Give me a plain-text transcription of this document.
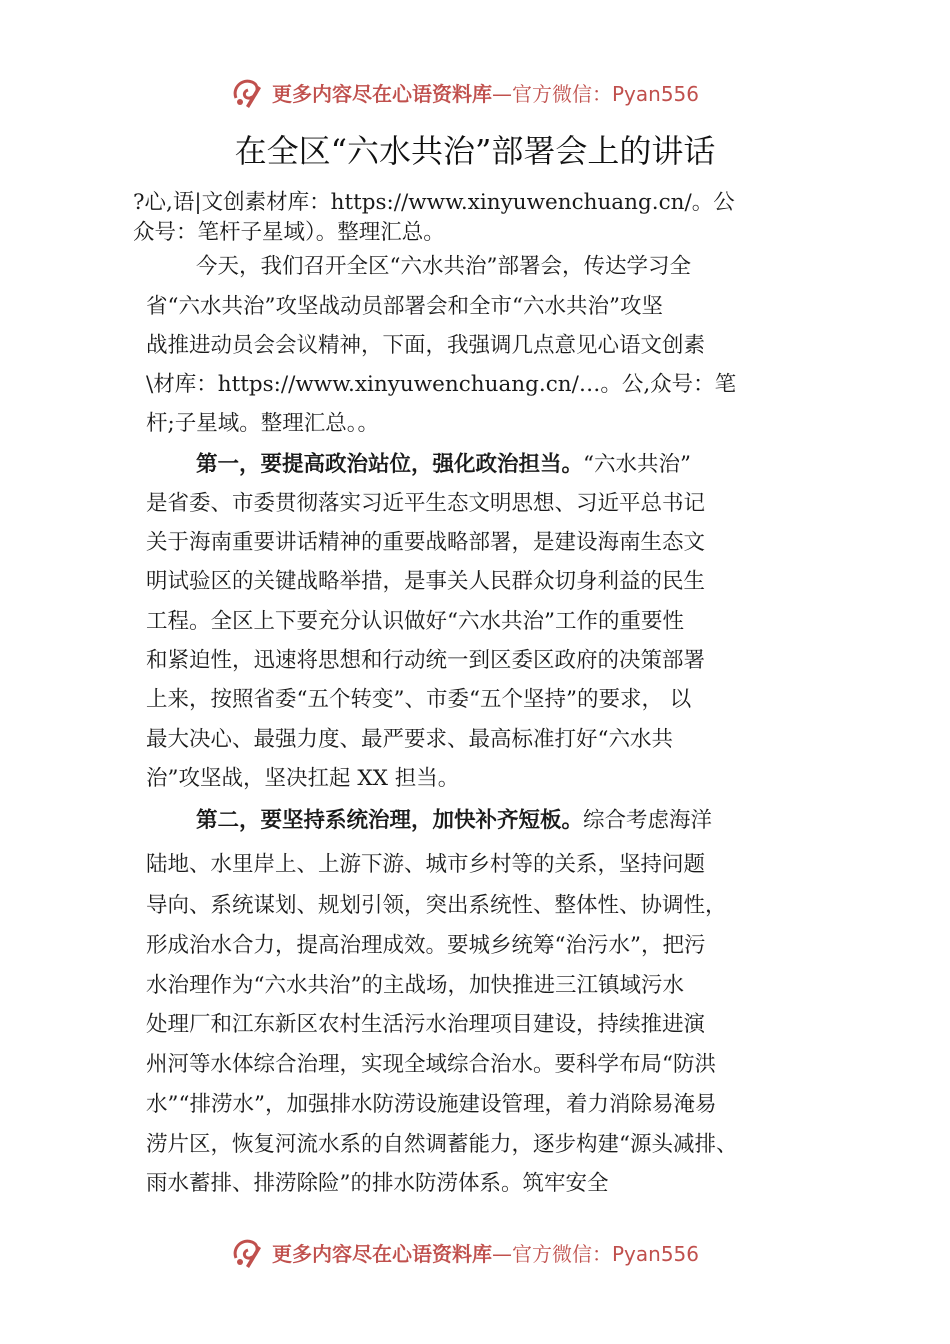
更多内容尽在心语资料库—官方微信：Pyan556
在全区“六水共治”部署会上的讲话
?心,语|文创素材库：https://www.xinyuwenchuang.cn/。公
众号：笔杆子星域）。整理汇总。
今天，我们召开全区“六水共治”部署会，传达学习全
省“六水共治”攻坚战动员部署会和全市“六水共治”攻坚
战推进动员会会议精神，下面，我强调几点意见心语文创素
\材库：https://www.xinyuwenchuang.cn/…。公,众号：笔
杆;子星域。整理汇总。。
第一，要提高政治站位，强化政治担当。“六水共治”
是省委、市委贯彻落实习近平生态文明思想、习近平总书记
关于海南重要讲话精神的重要战略部署，是建设海南生态文
明试验区的关键战略举措，是事关人民群众切身利益的民生
工程。全区上下要充分认识做好“六水共治”工作的重要性
和紧迫性，迅速将思想和行动统一到区委区政府的决策部署
上来，按照省委“五个转变”、市委“五个坚持”的要求， 以
最大决心、最强力度、最严要求、最高标准打好“六水共
治”攻坚战，坚决扛起 XX 担当。
第二，要坚持系统治理，加快补齐短板。综合考虑海洋
陆地、水里岸上、上游下游、城市乡村等的关系，坚持问题
导向、系统谋划、规划引领，突出系统性、整体性、协调性，
形成治水合力，提高治理成效。要城乡统筹“治污水”，把污
水治理作为“六水共治”的主战场，加快推进三江镇域污水
处理厂和江东新区农村生活污水治理项目建设，持续推进演
州河等水体综合治理，实现全域综合治水。要科学布局“防洪
水”“排涝水”，加强排水防涝设施建设管理，着力消除易淹易
涝片区，恢复河流水系的自然调蓄能力，逐步构建“源头减排、
雨水蓄排、排涝除险”的排水防涝体系。筑牢安全
更多内容尽在心语资料库—官方微信：Pyan556
